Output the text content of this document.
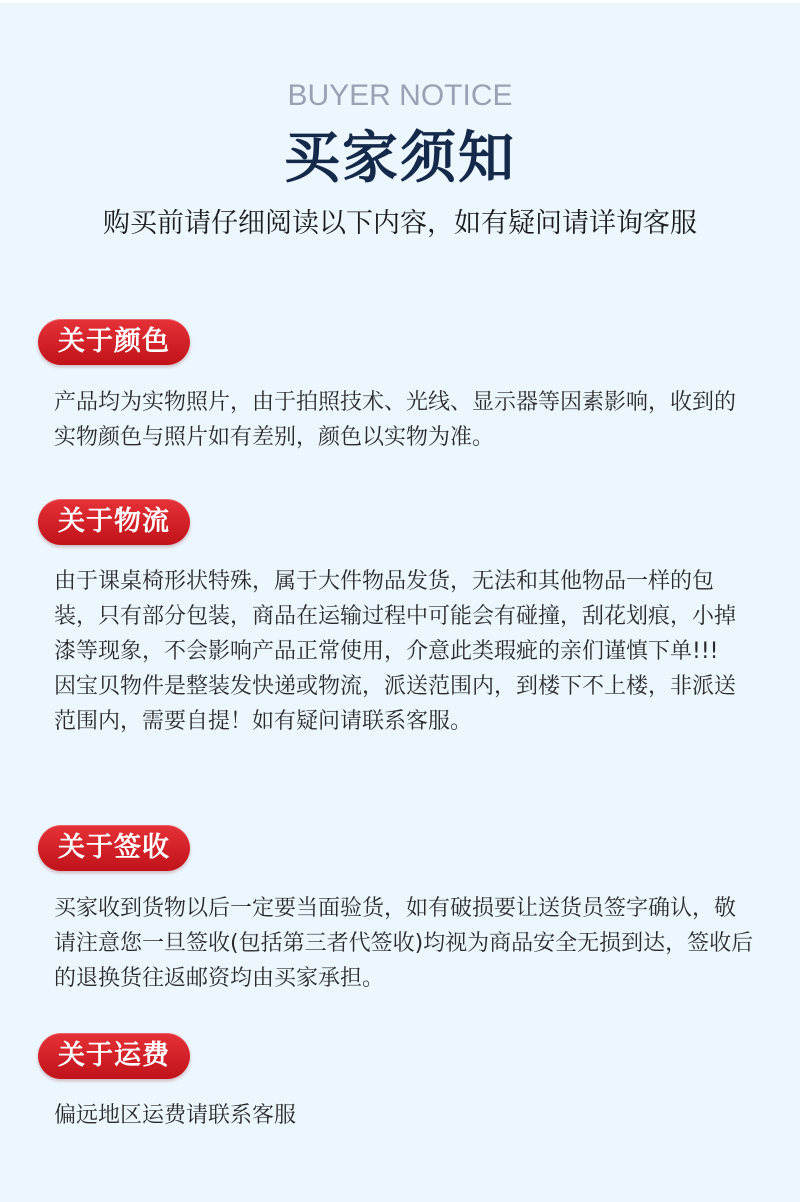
BUYER NOTICE
买家须知
购买前请仔细阅读以下内容，如有疑问请详询客服
关于颜色

产品均为实物照片，由于拍照技术、光线、显示器等因素影响，收到的实物颜色与照片如有差别，颜色以实物为准。

关于物流

由于课桌椅形状特殊，属于大件物品发货，无法和其他物品一样的包装，只有部分包装，商品在运输过程中可能会有碰撞，刮花划痕，小掉漆等现象，不会影响产品正常使用，介意此类瑕疵的亲们谨慎下单!!!

因宝贝物件是整装发快递或物流，派送范围内，到楼下不上楼，非派送范围内，需要自提！如有疑问请联系客服。

关于签收

买家收到货物以后一定要当面验货，如有破损要让送货员签字确认，敬请注意您一旦签收(包括第三者代签收)均视为商品安全无损到达，签收后的退换货往返邮资均由买家承担。

关于运费

偏远地区运费请联系客服
